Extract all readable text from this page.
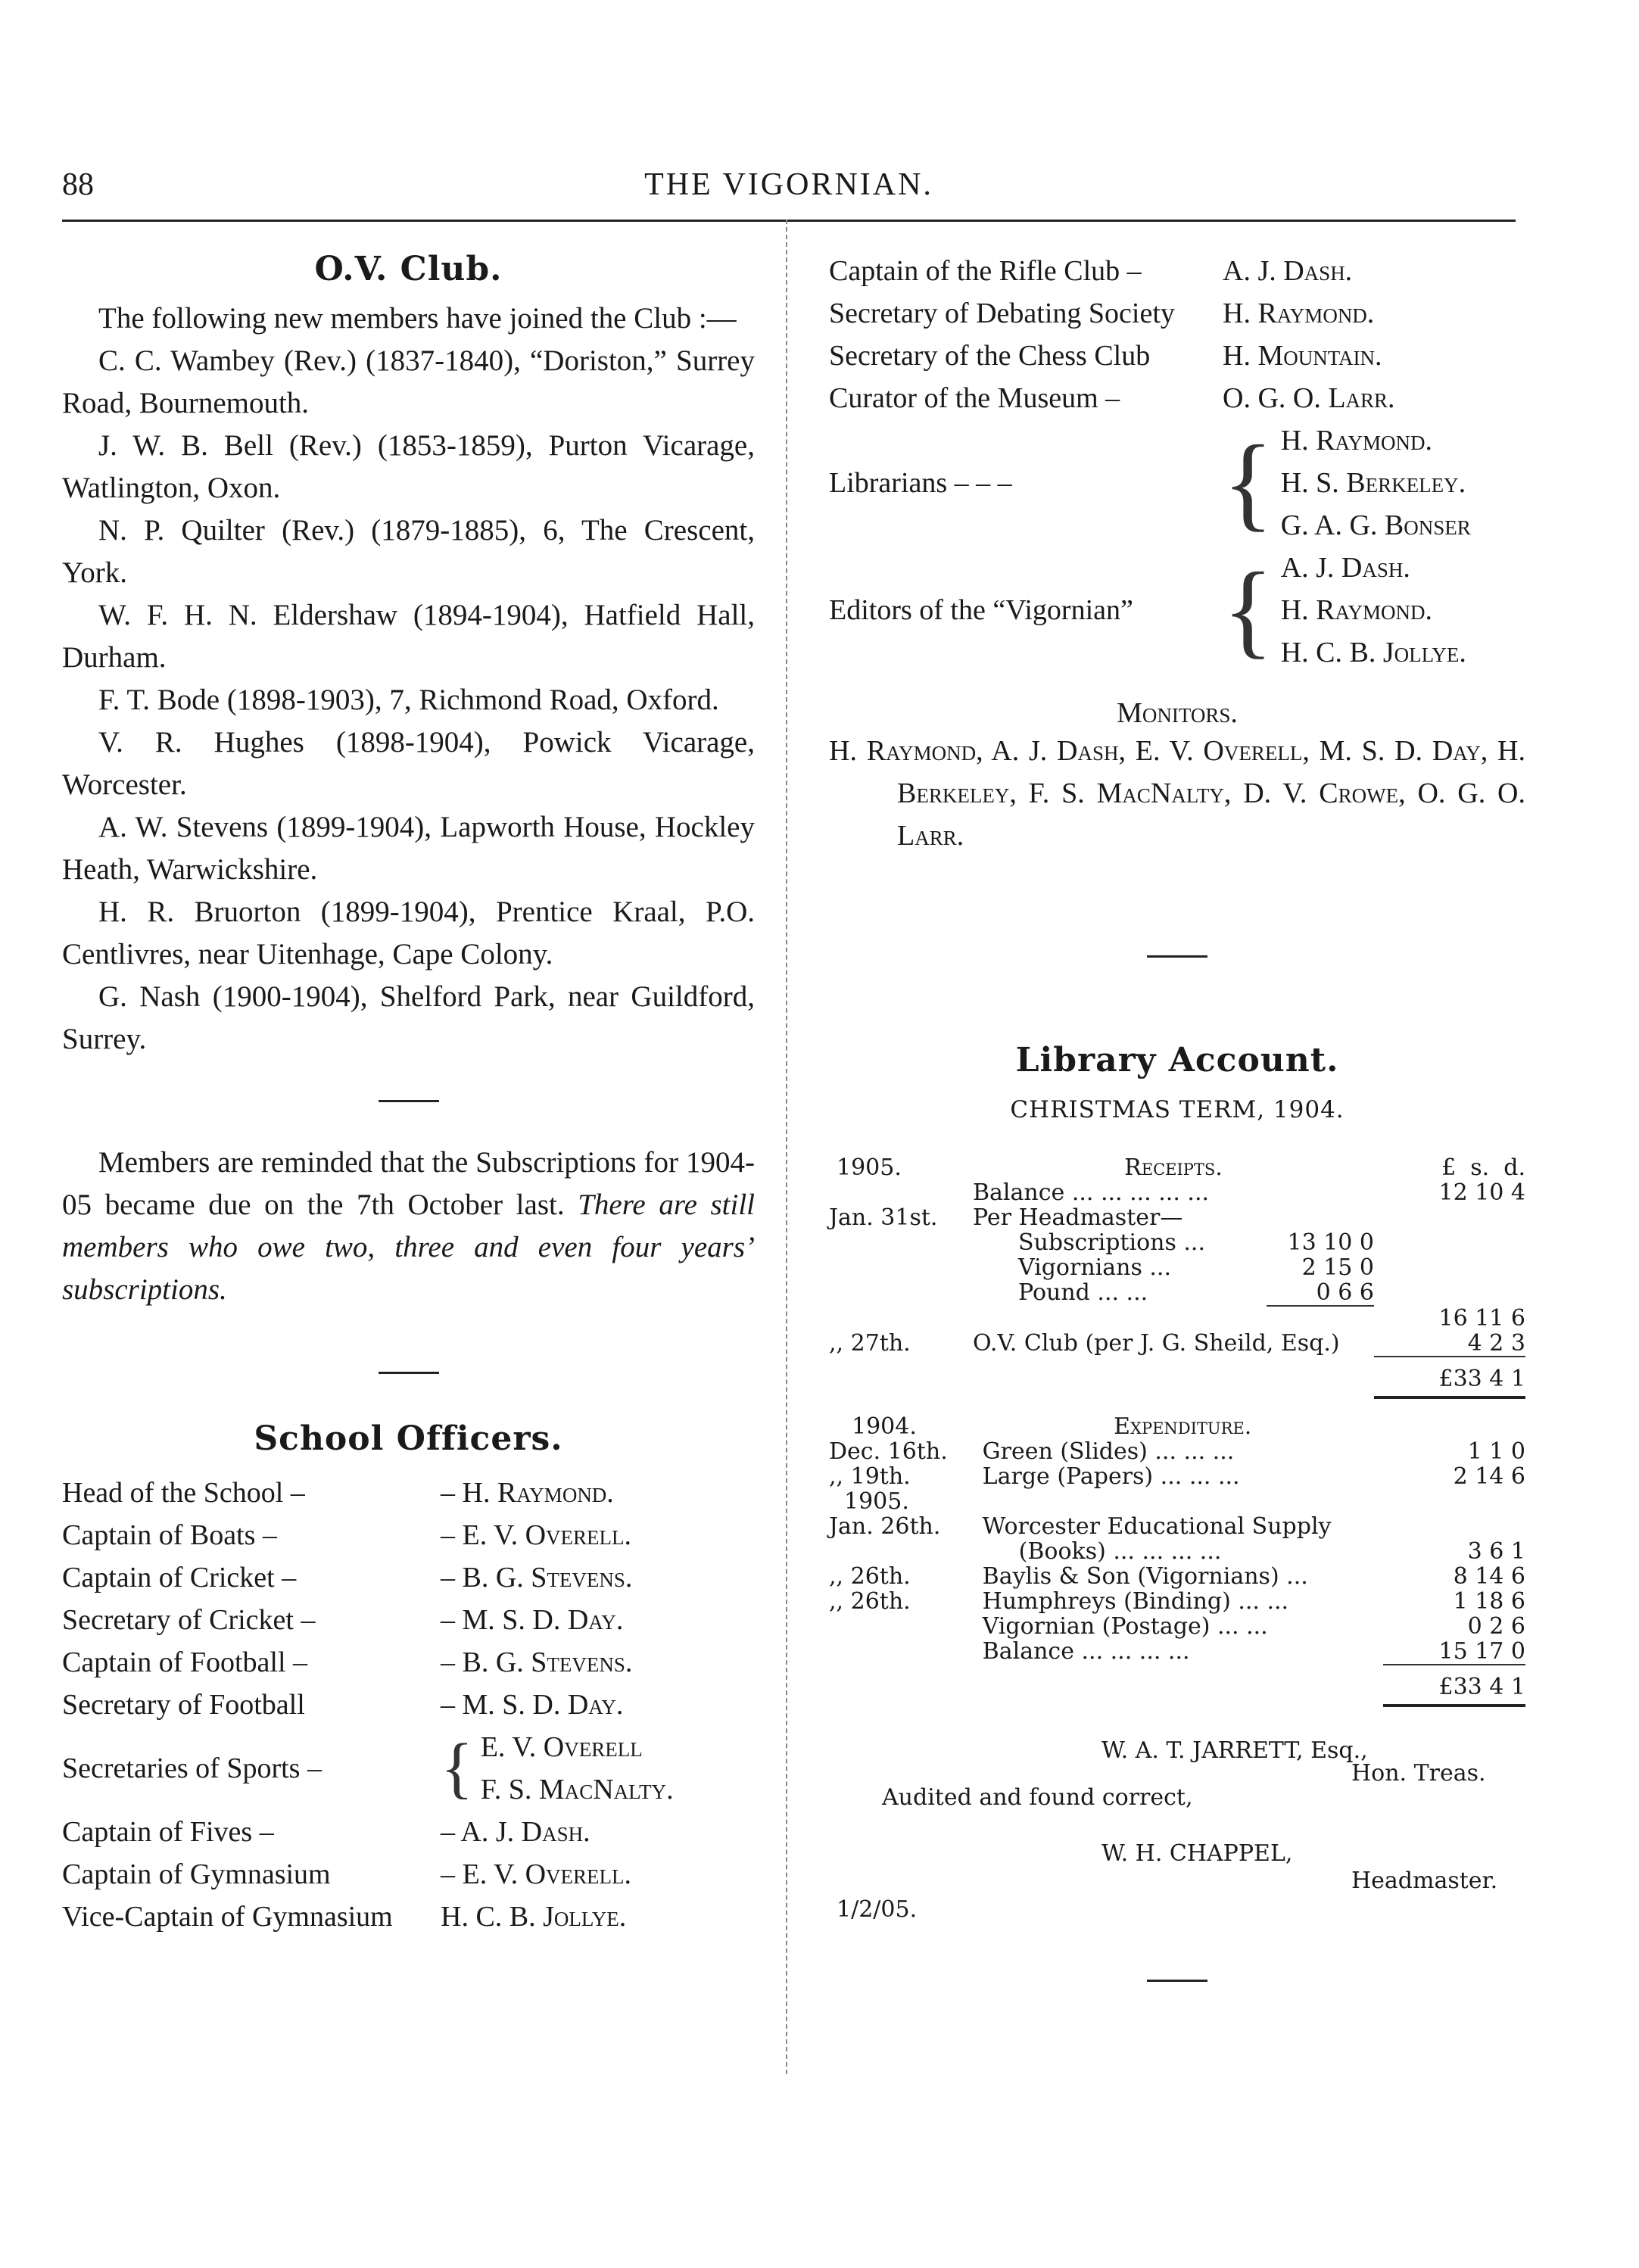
88	THE VIGORNIAN.
O.V. Club.

The following new members have joined the Club :—

C. C. Wambey (Rev.) (1837-1840), “Doriston,” Surrey Road, Bournemouth.

J. W. B. Bell (Rev.) (1853-1859), Purton Vicarage, Watlington, Oxon.

N. P. Quilter (Rev.) (1879-1885), 6, The Crescent, York.

W. F. H. N. Eldershaw (1894-1904), Hatfield Hall, Durham.

F. T. Bode (1898-1903), 7, Richmond Road, Oxford.

V. R. Hughes (1898-1904), Powick Vicarage, Worcester.

A. W. Stevens (1899-1904), Lapworth House, Hockley Heath, Warwickshire.

H. R. Bruorton (1899-1904), Prentice Kraal, P.O. Centlivres, near Uitenhage, Cape Colony.

G. Nash (1900-1904), Shelford Park, near Guildford, Surrey.

Members are reminded that the Subscriptions for 1904-05 became due on the 7th October last. There are still members who owe two, three and even four years’ subscriptions.

School Officers.
Head of the School –	– H. Raymond.
Captain of Boats –	– E. V. Overell.
Captain of Cricket –	– B. G. Stevens.
Secretary of Cricket –	– M. S. D. Day.
Captain of Football –	– B. G. Stevens.
Secretary of Football	– M. S. D. Day.
Secretaries of Sports –	{ E. V. Overell
F. S. MacNalty.

Captain of Fives –	– A. J. Dash.
Captain of Gymnasium	– E. V. Overell.
Vice-Captain of Gymnasium	H. C. B. Jollye.
Captain of the Rifle Club –	A. J. Dash.
Secretary of Debating Society	H. Raymond.
Secretary of the Chess Club	H. Mountain.
Curator of the Museum –	O. G. O. Larr.
Librarians – – –	{ H. Raymond.
H. S. Berkeley.
G. A. G. Bonser

Editors of the “Vigornian”	{ A. J. Dash.
H. Raymond.
H. C. B. Jollye.
Monitors.

H. Raymond, A. J. Dash, E. V. Overell, M. S. D. Day, H. Berkeley, F. S. MacNalty, D. V. Crowe, O. G. O. Larr.

Library Account.
CHRISTMAS TERM, 1904.
1905.	Receipts.		£ s. d.
	Balance ... ... ... ... ...		12 10 4
Jan. 31st.	Per Headmaster—		
	Subscriptions ...	13 10 0	
	Vigornians ...	2 15 0	
	Pound ... ...	0 6 6	
			16 11 6
,, 27th.	O.V. Club (per J. G. Sheild, Esq.)		4 2 3
			£33 4 1
1904.	Expenditure.	
Dec. 16th.	Green (Slides) ... ... ...	1 1 0
,, 19th.	Large (Papers) ... ... ...	2 14 6
1905.		
Jan. 26th.	Worcester Educational Supply	
	(Books) ... ... ... ...	3 6 1
,, 26th.	Baylis & Son (Vigornians) ...	8 14 6
,, 26th.	Humphreys (Binding) ... ...	1 18 6
	Vigornian (Postage) ... ...	0 2 6
	Balance ... ... ... ...	15 17 0
		£33 4 1
W. A. T. JARRETT, Esq.,
Hon. Treas.
Audited and found correct,
W. H. CHAPPEL,
Headmaster.
1/2/05.
